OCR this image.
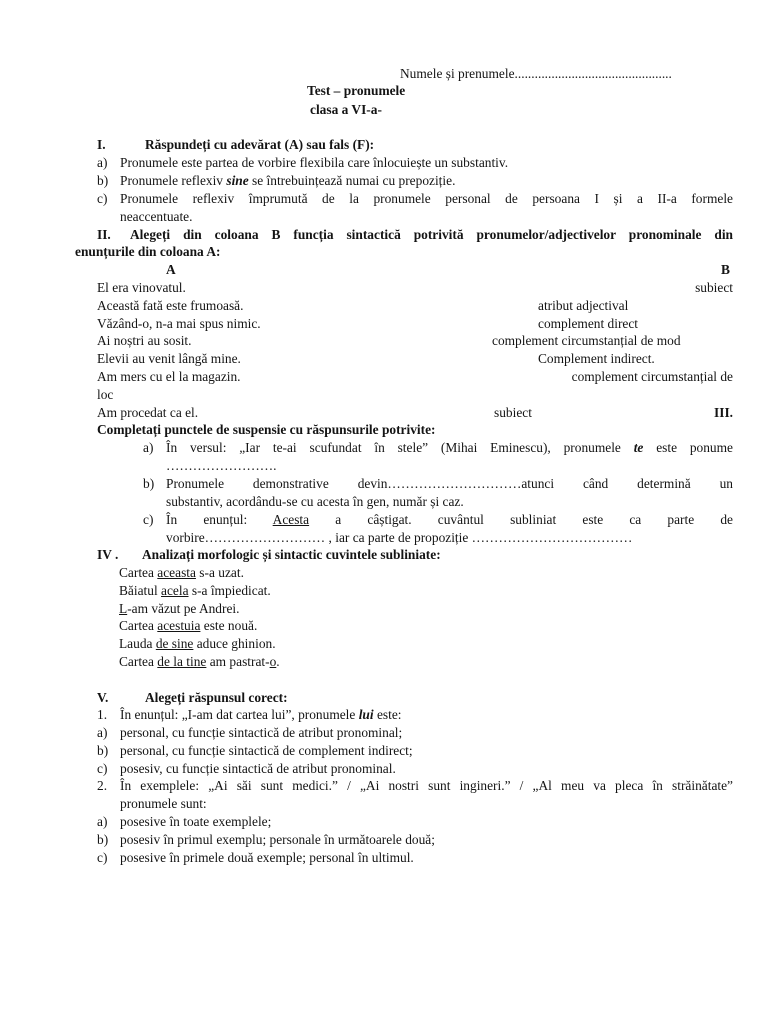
Numele și prenumele...............................................
Test – pronumele
clasa a VI-a-
I.	Răspundeți cu adevărat (A) sau fals (F):
a) Pronumele este partea de vorbire flexibila care înlocuiește un substantiv.
b) Pronumele reflexiv sine se întrebuințează numai cu prepoziție.
c) Pronumele reflexiv împrumută de la pronumele personal de persoana I și a II-a formele
neaccentuate.
II. Alegeți din coloana B funcția sintactică potrivită pronumelor/adjectivelor pronominale din
enunțurile din coloana A:
A	B
El era vinovatul.	subiect
Această fată este frumoasă.	atribut adjectival
Văzând-o, n-a mai spus nimic.	complement direct
Ai noștri au sosit.	complement circumstanțial de mod
Elevii au venit lângă mine.	Complement indirect.
Am mers cu el la magazin.	complement circumstanțial de
loc
Am procedat ca el.	subiect	III.
Completați punctele de suspensie cu răspunsurile potrivite:
a) În versul: „Iar te-ai scufundat în stele” (Mihai Eminescu), pronumele te este ponume
…………………….
b) Pronumele demonstrative devin…………………………atunci când determină un
substantiv, acordându-se cu acesta în gen, număr și caz.
c) În enunțul: Acesta a câștigat. cuvântul subliniat este ca parte de
vorbire……………………… , iar ca parte de propoziție ………………………………
IV . Analizați morfologic și sintactic cuvintele subliniate:
Cartea aceasta s-a uzat.
Băiatul acela s-a împiedicat.
L-am văzut pe Andrei.
Cartea acestuia este nouă.
Lauda de sine aduce ghinion.
Cartea de la tine am pastrat-o.
V.	Alegeți răspunsul corect:
1. În enunțul: „I-am dat cartea lui”, pronumele lui este:
a) personal, cu funcție sintactică de atribut pronominal;
b) personal, cu funcție sintactică de complement indirect;
c) posesiv, cu funcție sintactică de atribut pronominal.
2. În exemplele: „Ai săi sunt medici.” / „Ai nostri sunt ingineri.” / „Al meu va pleca în străinătate”
pronumele sunt:
a) posesive în toate exemplele;
b) posesiv în primul exemplu; personale în următoarele două;
c) posesive în primele două exemple; personal în ultimul.
